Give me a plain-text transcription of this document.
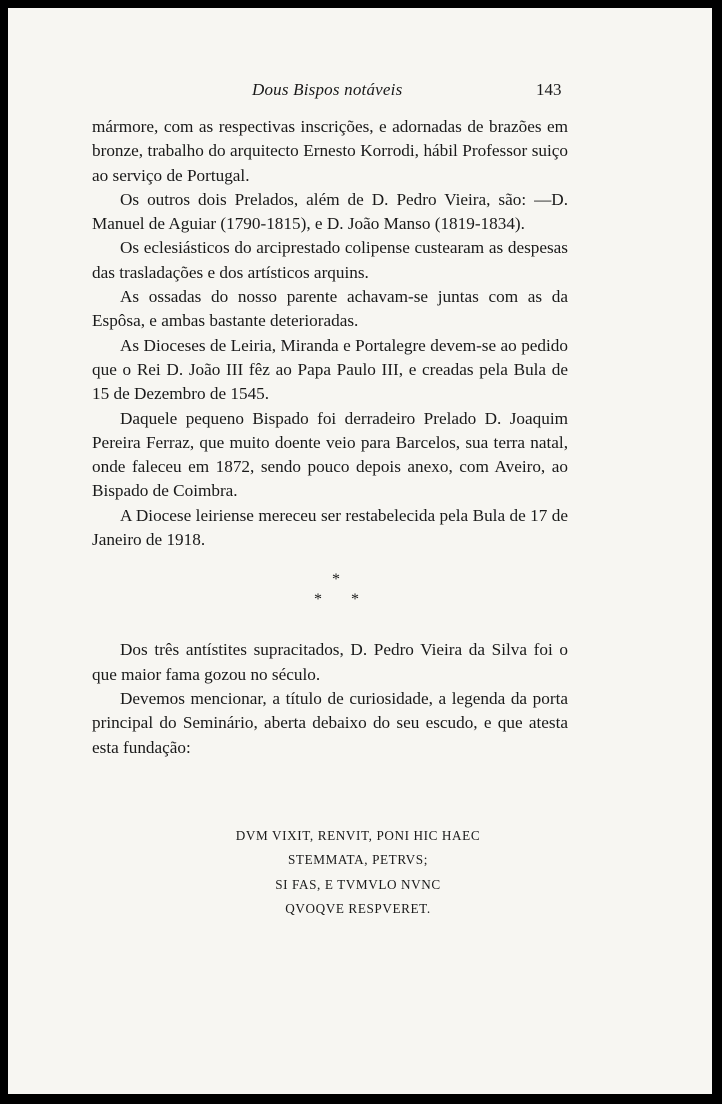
Dous Bispos notáveis	143

mármore, com as respectivas inscrições, e adornadas de brazões em bronze, trabalho do arquitecto Ernesto Korrodi, hábil Professor suiço ao serviço de Portugal.

Os outros dois Prelados, além de D. Pedro Vieira, são: —D. Manuel de Aguiar (1790-1815), e D. João Manso (1819-1834).

Os eclesiásticos do arciprestado colipense custearam as despesas das trasladações e dos artísticos arquins.

As ossadas do nosso parente achavam-se juntas com as da Espôsa, e ambas bastante deterioradas.

As Dioceses de Leiria, Miranda e Portalegre devem-se ao pedido que o Rei D. João III fêz ao Papa Paulo III, e creadas pela Bula de 15 de Dezembro de 1545.

Daquele pequeno Bispado foi derradeiro Prelado D. Joaquim Pereira Ferraz, que muito doente veio para Barcelos, sua terra natal, onde faleceu em 1872, sendo pouco depois anexo, com Aveiro, ao Bispado de Coimbra.

A Diocese leiriense mereceu ser restabelecida pela Bula de 17 de Janeiro de 1918.

*
* *

Dos três antístites supracitados, D. Pedro Vieira da Silva foi o que maior fama gozou no século.

Devemos mencionar, a título de curiosidade, a legenda da porta principal do Seminário, aberta debaixo do seu escudo, e que atesta esta fundação:

DVM VIXIT, RENVIT, PONI HIC HAEC
STEMMATA, PETRVS;
SI FAS, E TVMVLO NVNC
QVOQVE RESPVERET.
